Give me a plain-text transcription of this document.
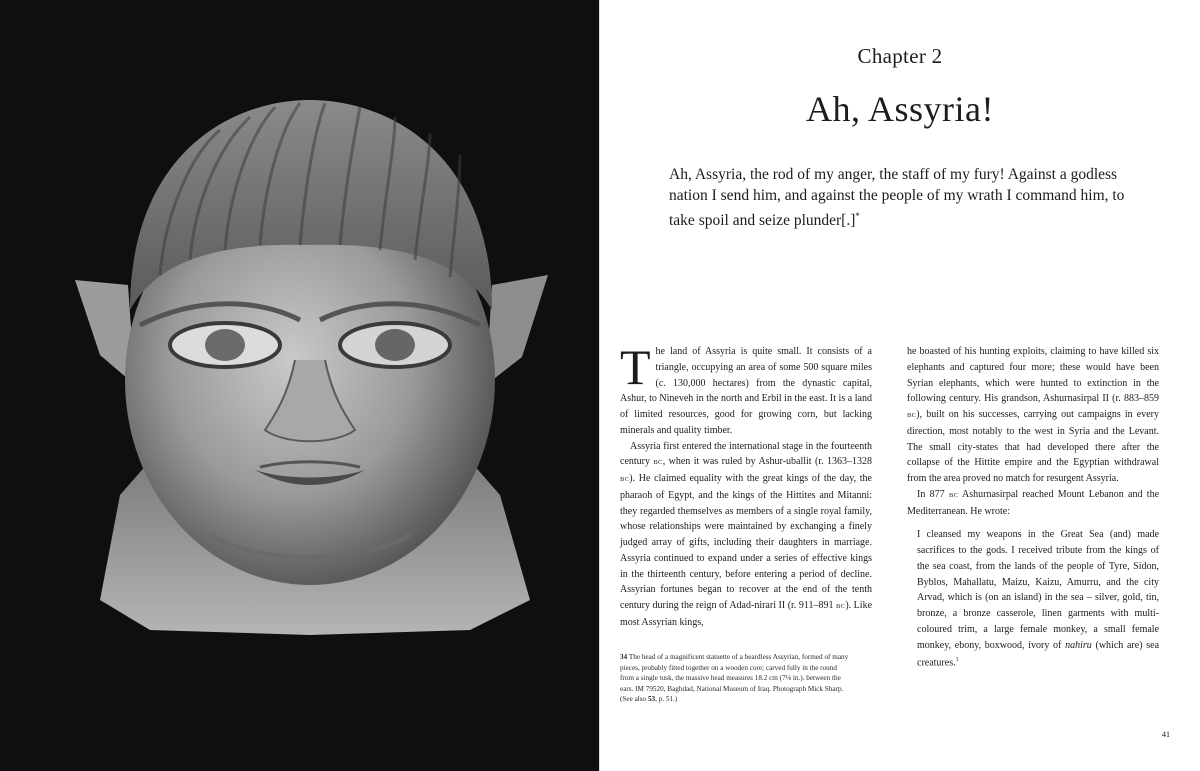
Chapter 2
Ah, Assyria!
Ah, Assyria, the rod of my anger, the staff of my fury! Against a godless nation I send him, and against the people of my wrath I command him, to take spoil and seize plunder[.]*

The land of Assyria is quite small. It consists of a triangle, occupying an area of some 500 square miles (c. 130,000 hectares) from the dynastic capital, Ashur, to Nineveh in the north and Erbil in the east. It is a land of limited resources, good for growing corn, but lacking minerals and quality timber.

Assyria first entered the international stage in the fourteenth century BC, when it was ruled by Ashur-uballit (r. 1363–1328 BC). He claimed equality with the great kings of the day, the pharaoh of Egypt, and the kings of the Hittites and Mitanni: they regarded themselves as members of a single royal family, whose relationships were maintained by exchanging a finely judged array of gifts, including their daughters in marriage. Assyria continued to expand under a series of effective kings in the thirteenth century, before entering a period of decline. Assyrian fortunes began to recover at the end of the tenth century during the reign of Adad-nirari II (r. 911–891 BC). Like most Assyrian kings,

he boasted of his hunting exploits, claiming to have killed six elephants and captured four more; these would have been Syrian elephants, which were hunted to extinction in the following century. His grandson, Ashurnasirpal II (r. 883–859 BC), built on his successes, carrying out campaigns in every direction, most notably to the west in Syria and the Levant. The small city-states that had developed there after the collapse of the Hittite empire and the Egyptian withdrawal from the area proved no match for resurgent Assyria.

In 877 BC Ashurnasirpal reached Mount Lebanon and the Mediterranean. He wrote:

I cleansed my weapons in the Great Sea (and) made sacrifices to the gods. I received tribute from the kings of the sea coast, from the lands of the people of Tyre, Sidon, Byblos, Mahallatu, Maizu, Kaizu, Amurru, and the city Arvad, which is (on an island) in the sea – silver, gold, tin, bronze, a bronze casserole, linen garments with multi-coloured trim, a large female monkey, a small female monkey, ebony, boxwood, ivory of nahiru (which are) sea creatures.$^1$

34 The head of a magnificent statuette of a beardless Assyrian, formed of many pieces, probably fitted together on a wooden core; carved fully in the round from a single tusk, the massive head measures 18.2 cm (7⅛ in.). between the ears. IM 79520, Baghdad, National Museum of Iraq. Photograph Mick Sharp. (See also 53, p. 51.)
41
